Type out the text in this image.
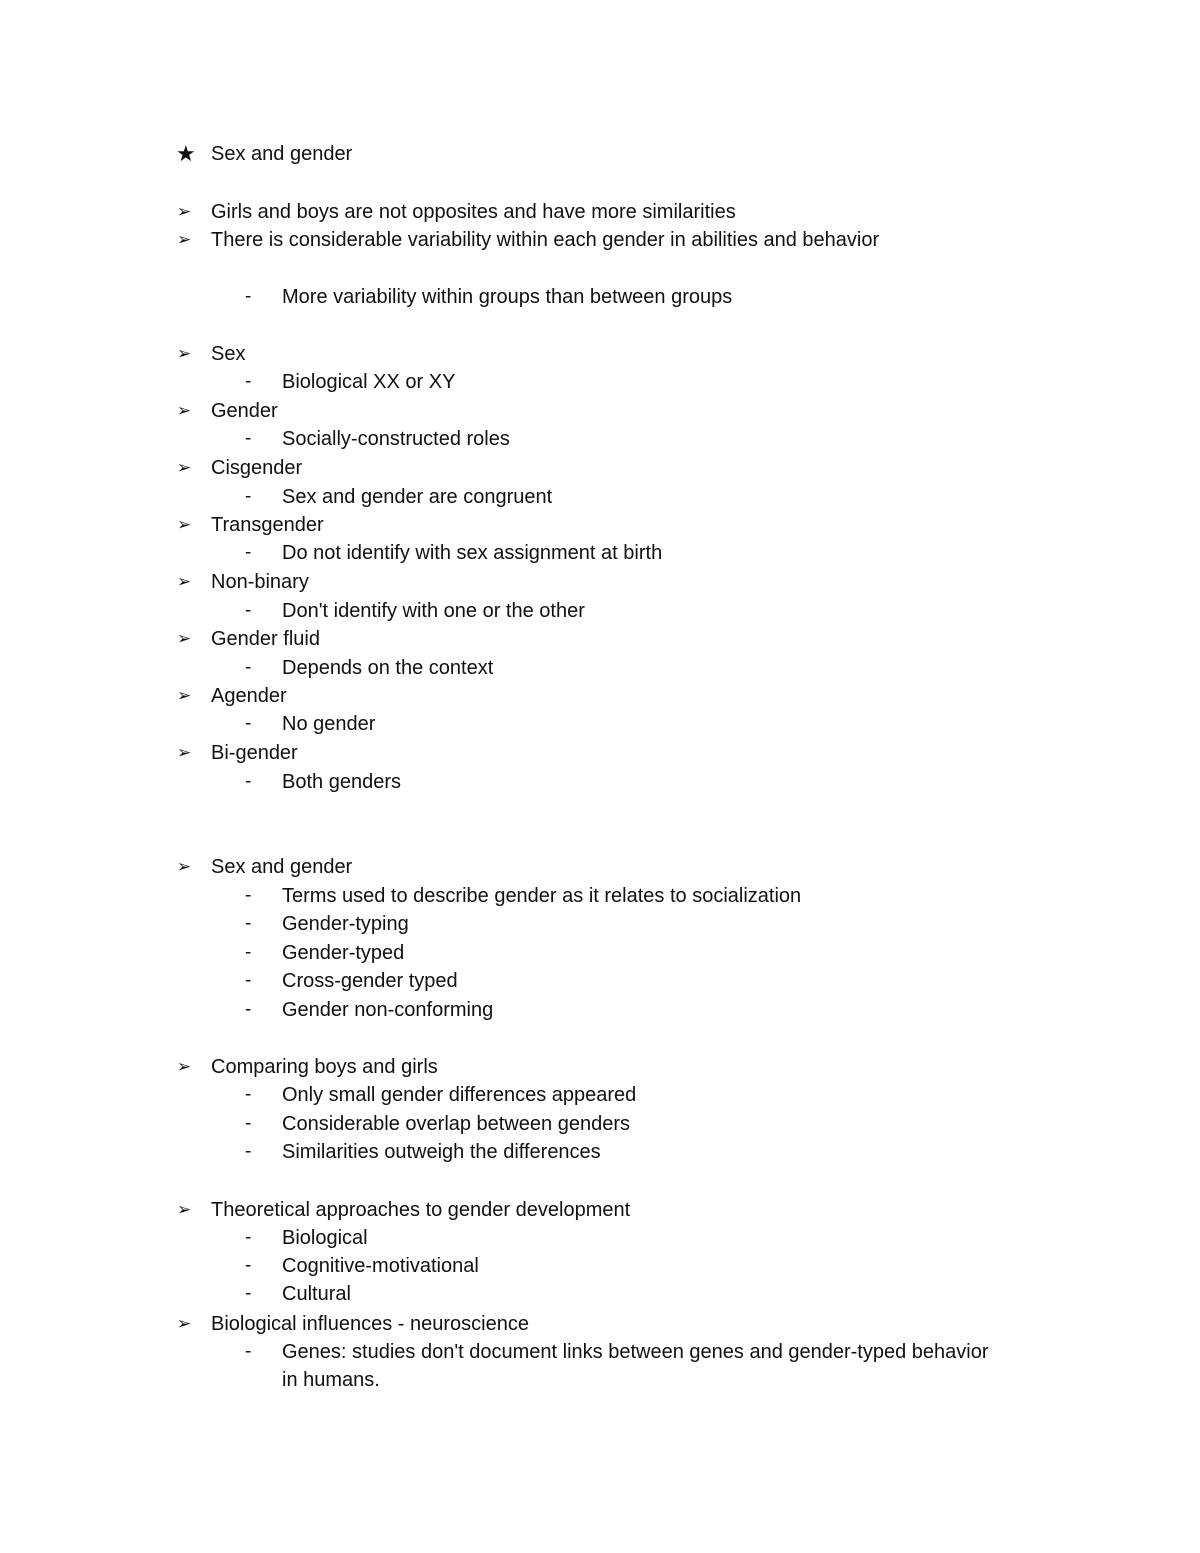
★ Sex and gender
➢ Girls and boys are not opposites and have more similarities
➢ There is considerable variability within each gender in abilities and behavior
- More variability within groups than between groups
➢ Sex
- Biological XX or XY
➢ Gender
- Socially-constructed roles
➢ Cisgender
- Sex and gender are congruent
➢ Transgender
- Do not identify with sex assignment at birth
➢ Non-binary
- Don't identify with one or the other
➢ Gender fluid
- Depends on the context
➢ Agender
- No gender
➢ Bi-gender
- Both genders
➢ Sex and gender
- Terms used to describe gender as it relates to socialization
- Gender-typing
- Gender-typed
- Cross-gender typed
- Gender non-conforming
➢ Comparing boys and girls
- Only small gender differences appeared
- Considerable overlap between genders
- Similarities outweigh the differences
➢ Theoretical approaches to gender development
- Biological
- Cognitive-motivational
- Cultural
➢ Biological influences - neuroscience
- Genes: studies don't document links between genes and gender-typed behavior
in humans.
